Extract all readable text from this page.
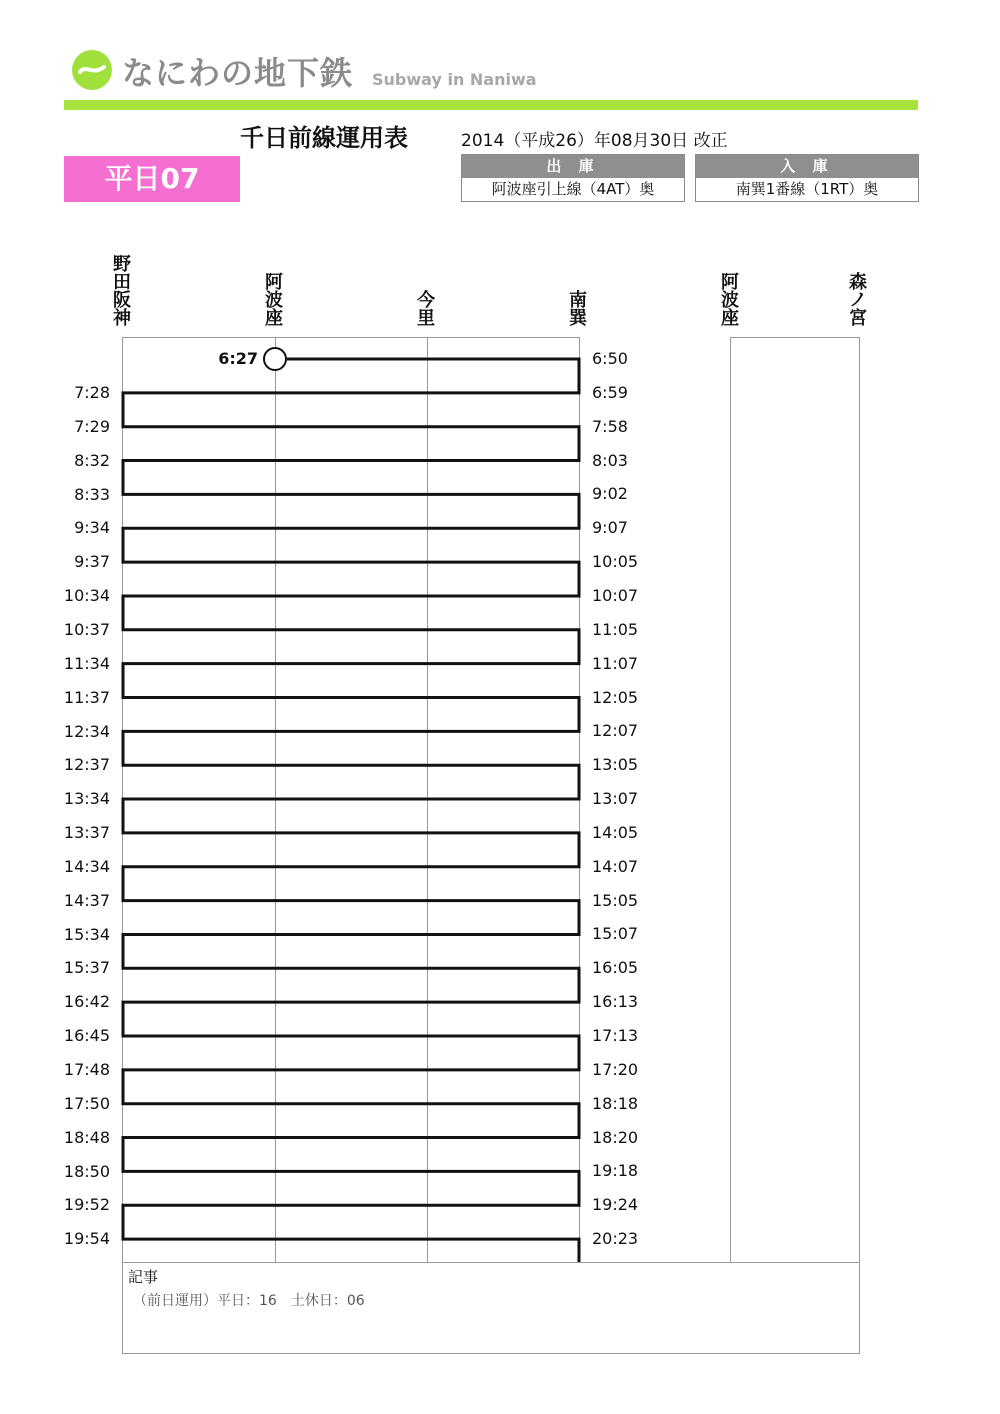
なにわの地下鉄 Subway in Naniwa
千日前線運用表	2014（平成26）年08月30日 改正
平日07	出 庫
阿波座引上線（4AT）奥
入 庫
南巽1番線（1RT）奥
野田阪神
阿波座
今里
南巽
阿波座
森ノ宮
6:27
7:28
7:29
8:32
8:33
9:34
9:37
10:34
10:37
11:34
11:37
12:34
12:37
13:34
13:37
14:34
14:37
15:34
15:37
16:42
16:45
17:48
17:50
18:48
18:50
19:52
19:54
6:50
6:59
7:58
8:03
9:02
9:07
10:05
10:07
11:05
11:07
12:05
12:07
13:05
13:07
14:05
14:07
15:05
15:07
16:05
16:13
17:13
17:20
18:18
18:20
19:18
19:24
20:23
記事
（前日運用）平日：16　土休日：06
